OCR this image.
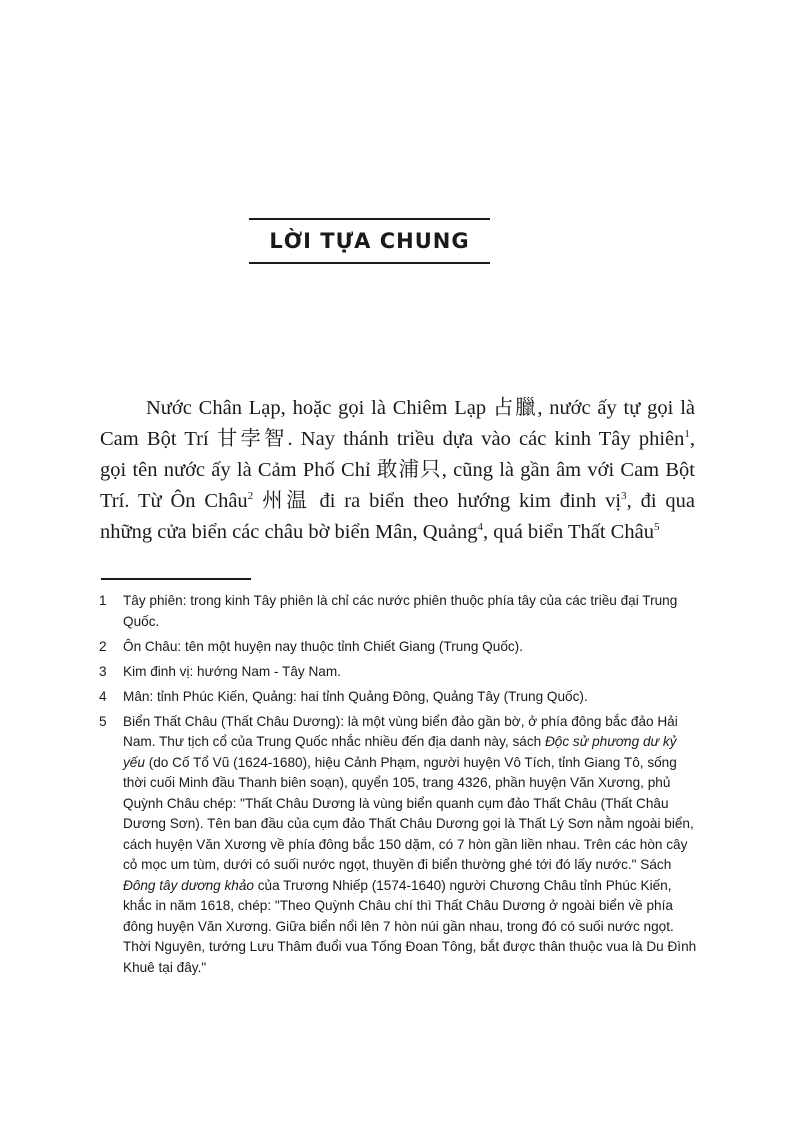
LỜI TỰA CHUNG

Nước Chân Lạp, hoặc gọi là Chiêm Lạp 占臘, nước ấy tự gọi là Cam Bột Trí 甘孛智. Nay thánh triều dựa vào các kinh Tây phiên$^1$, gọi tên nước ấy là Cảm Phố Chỉ 敢浦只, cũng là gần âm với Cam Bột Trí. Từ Ôn Châu$^2$ 州温 đi ra biển theo hướng kim đinh vị$^3$, đi qua những cửa biển các châu bờ biển Mân, Quảng$^4$, quá biển Thất Châu$^5$

1	Tây phiên: trong kinh Tây phiên là chỉ các nước phiên thuộc phía tây của các triều đại Trung Quốc.
2	Ôn Châu: tên một huyện nay thuộc tỉnh Chiết Giang (Trung Quốc).
3	Kim đinh vị: hướng Nam - Tây Nam.
4	Mân: tỉnh Phúc Kiến, Quảng: hai tỉnh Quảng Đông, Quảng Tây (Trung Quốc).
5	Biển Thất Châu (Thất Châu Dương): là một vùng biển đảo gần bờ, ở phía đông bắc đảo Hải Nam. Thư tịch cổ của Trung Quốc nhắc nhiều đến địa danh này, sách Độc sử phương dư kỷ yếu (do Cố Tổ Vũ (1624-1680), hiệu Cảnh Phạm, người huyện Vô Tích, tỉnh Giang Tô, sống thời cuối Minh đầu Thanh biên soạn), quyển 105, trang 4326, phần huyện Văn Xương, phủ Quỳnh Châu chép: "Thất Châu Dương là vùng biển quanh cụm đảo Thất Châu (Thất Châu Dương Sơn). Tên ban đầu của cụm đảo Thất Châu Dương gọi là Thất Lý Sơn nằm ngoài biển, cách huyện Văn Xương về phía đông bắc 150 dặm, có 7 hòn gần liền nhau. Trên các hòn cây cỏ mọc um tùm, dưới có suối nước ngọt, thuyền đi biển thường ghé tới đó lấy nước." Sách Đông tây dương khảo của Trương Nhiếp (1574-1640) người Chương Châu tỉnh Phúc Kiến, khắc in năm 1618, chép: "Theo Quỳnh Châu chí thì Thất Châu Dương ở ngoài biển về phía đông huyện Văn Xương. Giữa biển nổi lên 7 hòn núi gần nhau, trong đó có suối nước ngọt. Thời Nguyên, tướng Lưu Thâm đuổi vua Tống Đoan Tông, bắt được thân thuộc vua là Du Đình Khuê tại đây."
